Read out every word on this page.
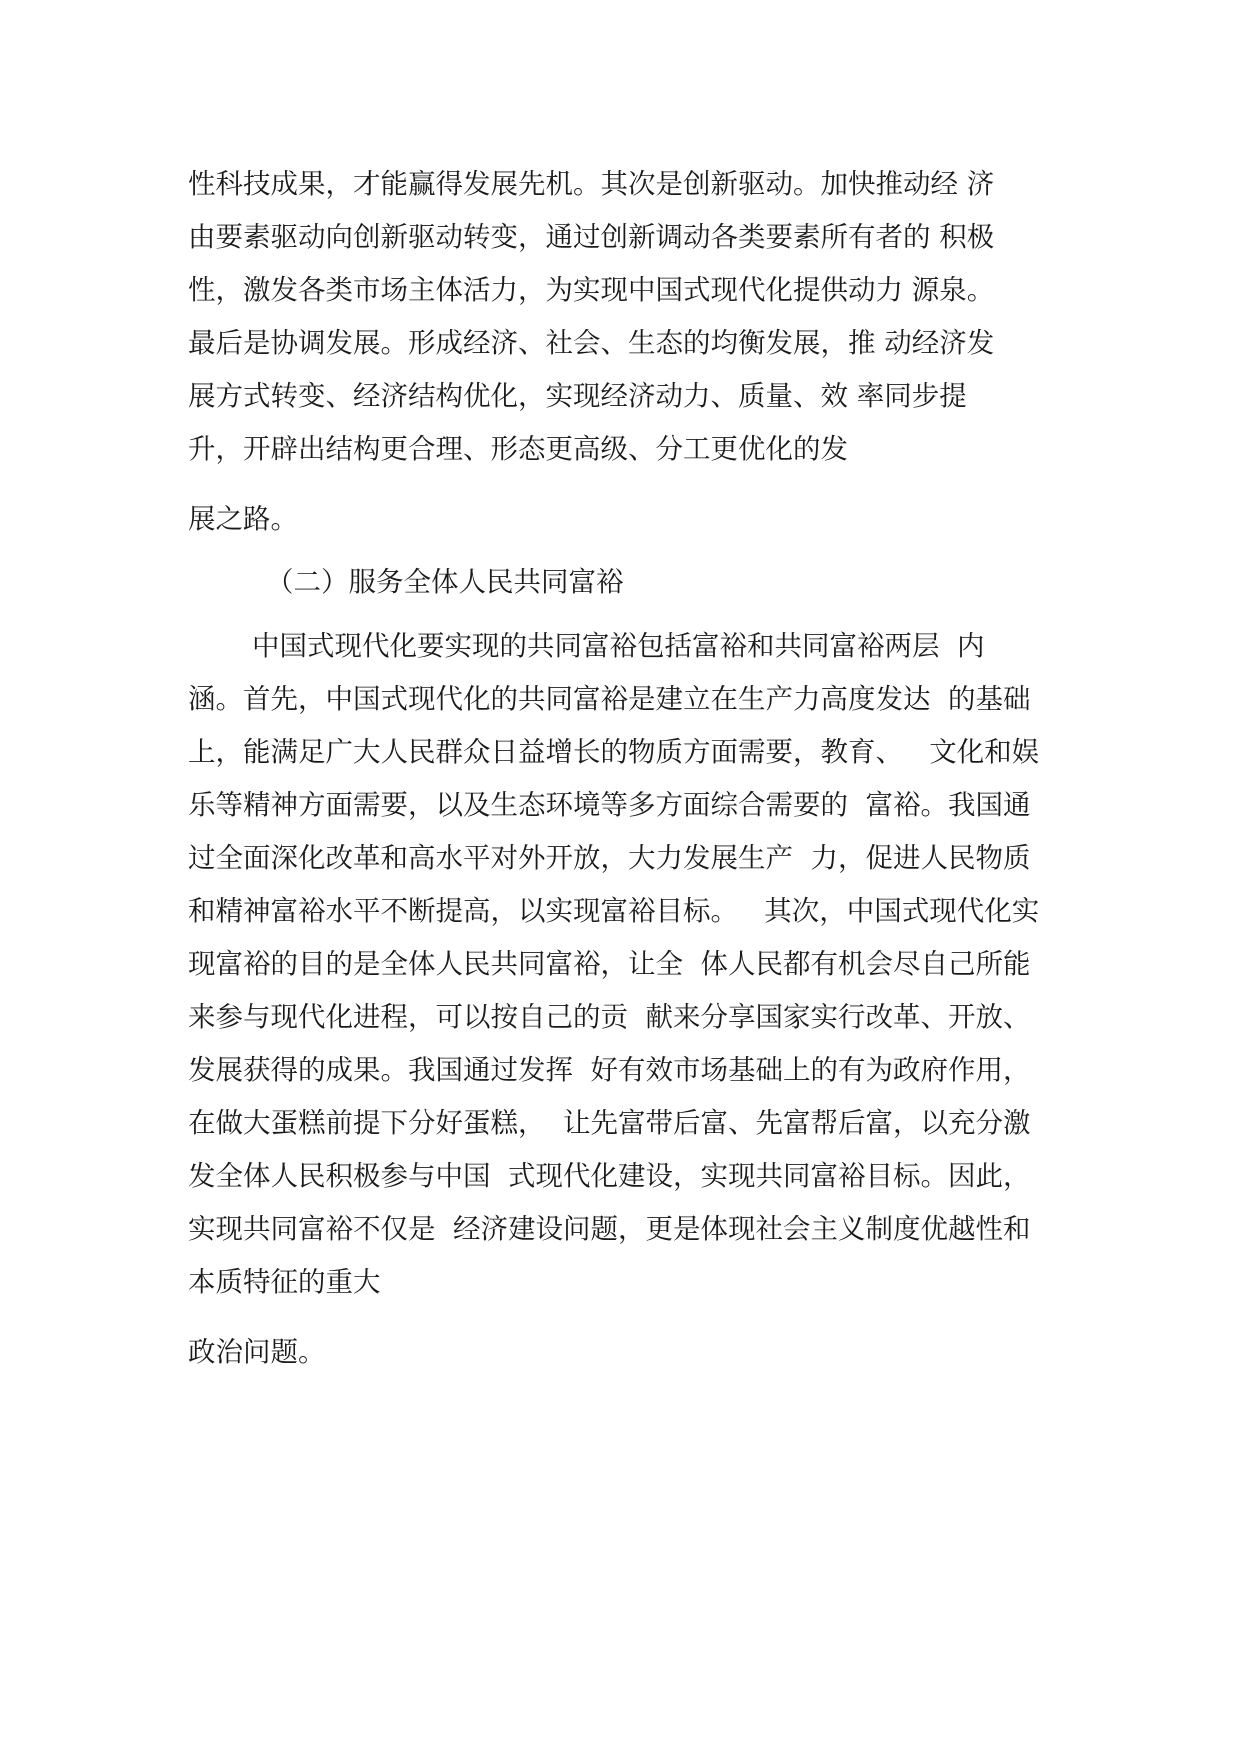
性科技成果，才能赢得发展先机。其次是创新驱动。加快推动经 济
由要素驱动向创新驱动转变，通过创新调动各类要素所有者的 积极
性，激发各类市场主体活力，为实现中国式现代化提供动力 源泉。
最后是协调发展。形成经济、社会、生态的均衡发展，推 动经济发
展方式转变、经济结构优化，实现经济动力、质量、效 率同步提
升，开辟出结构更合理、形态更高级、分工更优化的发
展之路。
（二）服务全体人民共同富裕
中国式现代化要实现的共同富裕包括富裕和共同富裕两层  内
涵。首先，中国式现代化的共同富裕是建立在生产力高度发达  的基础
上，能满足广大人民群众日益增长的物质方面需要，教育、   文化和娱
乐等精神方面需要，以及生态环境等多方面综合需要的  富裕。我国通
过全面深化改革和高水平对外开放，大力发展生产  力，促进人民物质
和精神富裕水平不断提高，以实现富裕目标。   其次，中国式现代化实
现富裕的目的是全体人民共同富裕，让全  体人民都有机会尽自己所能
来参与现代化进程，可以按自己的贡  献来分享国家实行改革、开放、
发展获得的成果。我国通过发挥  好有效市场基础上的有为政府作用，
在做大蛋糕前提下分好蛋糕，  让先富带后富、先富帮后富，以充分激
发全体人民积极参与中国  式现代化建设，实现共同富裕目标。因此，
实现共同富裕不仅是  经济建设问题，更是体现社会主义制度优越性和
本质特征的重大
政治问题。
